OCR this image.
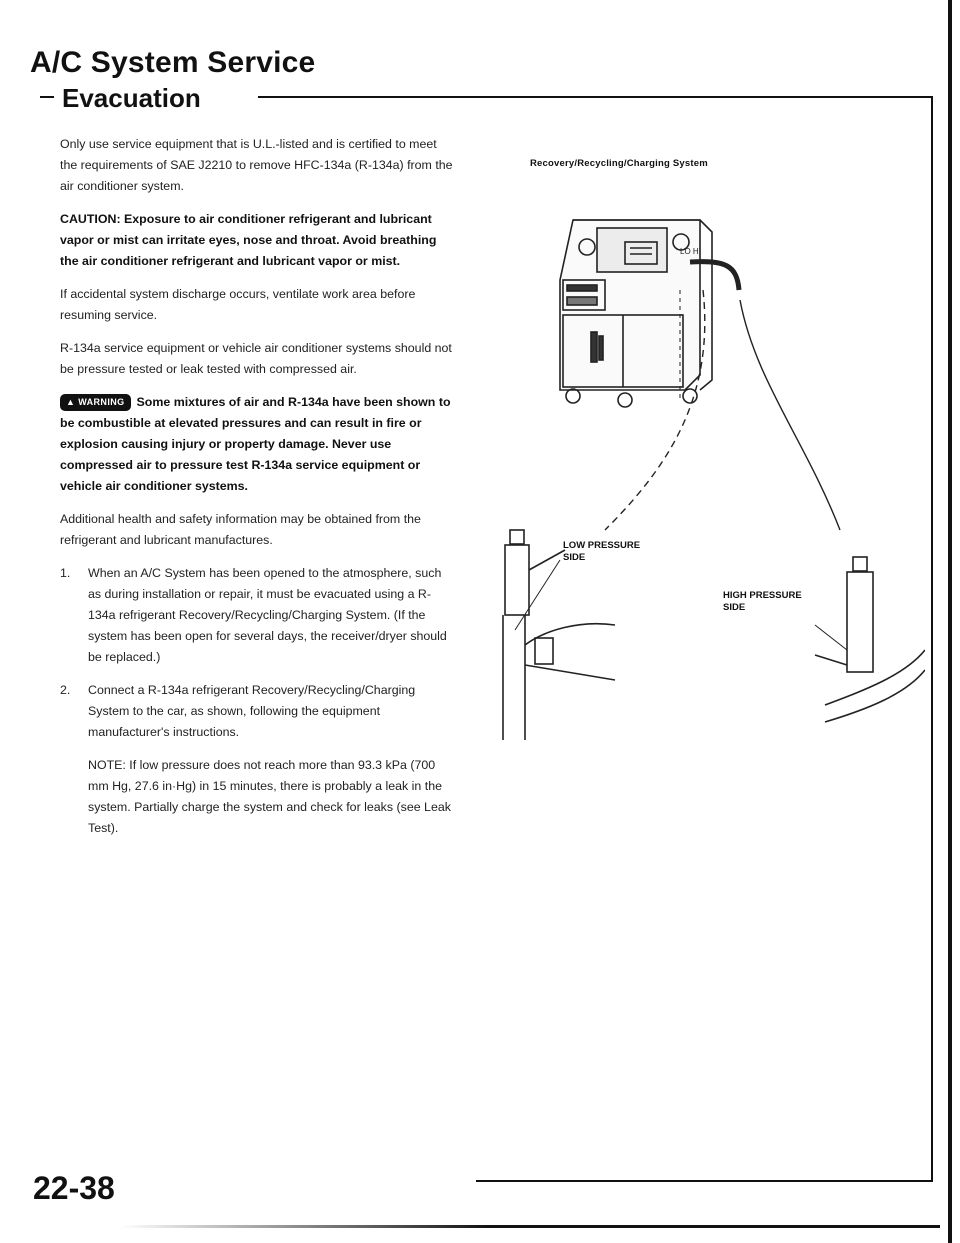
A/C System Service
Evacuation

Only use service equipment that is U.L.-listed and is certified to meet the requirements of SAE J2210 to remove HFC-134a (R-134a) from the air conditioner system.

CAUTION: Exposure to air conditioner refrigerant and lubricant vapor or mist can irritate eyes, nose and throat. Avoid breathing the air conditioner refrigerant and lubricant vapor or mist.

If accidental system discharge occurs, ventilate work area before resuming service.

R-134a service equipment or vehicle air conditioner systems should not be pressure tested or leak tested with compressed air.

▲ WARNING Some mixtures of air and R-134a have been shown to be combustible at elevated pressures and can result in fire or explosion causing injury or property damage. Never use compressed air to pressure test R-134a service equipment or vehicle air conditioner systems.

Additional health and safety information may be obtained from the refrigerant and lubricant manufactures.

1.	When an A/C System has been opened to the atmosphere, such as during installation or repair, it must be evacuated using a R-134a refrigerant Recovery/Recycling/Charging System. (If the system has been open for several days, the receiver/dryer should be replaced.)
2.	Connect a R-134a refrigerant Recovery/Recycling/Charging System to the car, as shown, following the equipment manufacturer's instructions.
NOTE: If low pressure does not reach more than 93.3 kPa (700 mm Hg, 27.6 in·Hg) in 15 minutes, there is probably a leak in the system. Partially charge the system and check for leaks (see Leak Test).
Recovery/Recycling/Charging System
LO HI
LOW PRESSURE
SIDE
HIGH PRESSURE
SIDE
22-38
